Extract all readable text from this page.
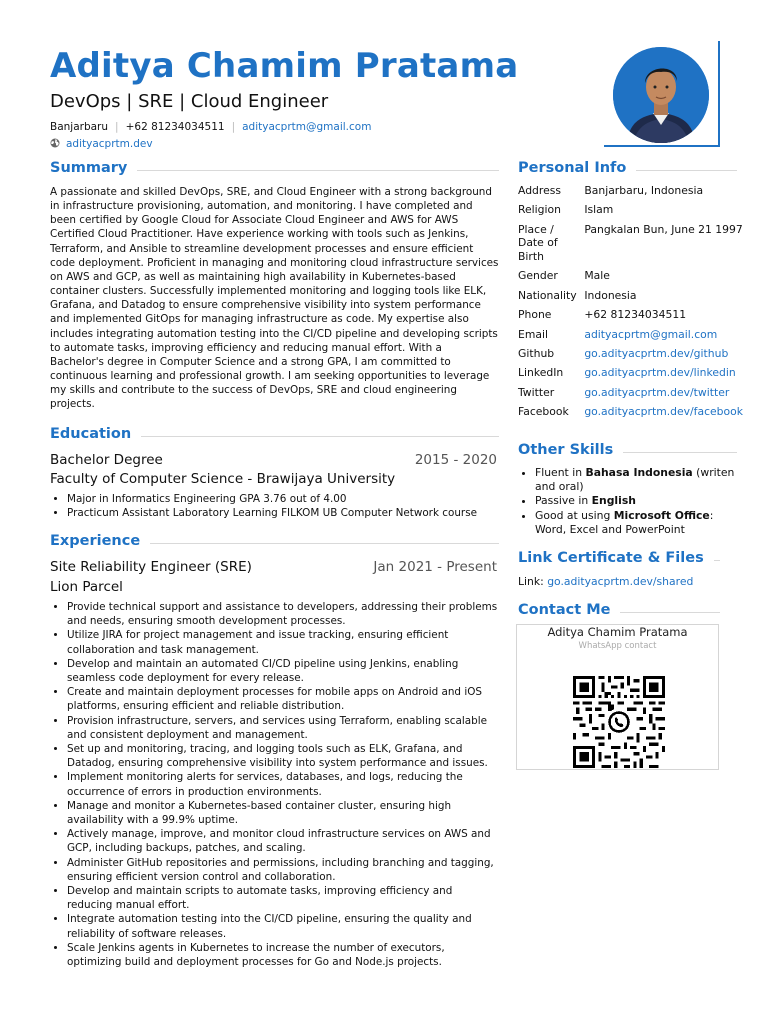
Aditya Chamim Pratama
DevOps | SRE | Cloud Engineer
Banjarbaru | +62 81234034511 | adityacprtm@gmail.com
adityacprtm.dev
Summary
A passionate and skilled DevOps, SRE, and Cloud Engineer with a strong background in infrastructure provisioning, automation, and monitoring. I have completed and been certified by Google Cloud for Associate Cloud Engineer and AWS for AWS Certified Cloud Practitioner. Have experience working with tools such as Jenkins, Terraform, and Ansible to streamline development processes and ensure efficient code deployment. Proficient in managing and monitoring cloud infrastructure services on AWS and GCP, as well as maintaining high availability in Kubernetes-based container clusters. Successfully implemented monitoring and logging tools like ELK, Grafana, and Datadog to ensure comprehensive visibility into system performance and implemented GitOps for managing infrastructure as code. My expertise also includes integrating automation testing into the CI/CD pipeline and developing scripts to automate tasks, improving efficiency and reducing manual effort. With a Bachelor's degree in Computer Science and a strong GPA, I am committed to continuous learning and professional growth. I am seeking opportunities to leverage my skills and contribute to the success of DevOps, SRE and cloud engineering projects.
Education
Bachelor Degree	2015 - 2020
Faculty of Computer Science - Brawijaya University
• Major in Informatics Engineering GPA 3.76 out of 4.00
• Practicum Assistant Laboratory Learning FILKOM UB Computer Network course
Experience
Site Reliability Engineer (SRE)	Jan 2021 - Present
Lion Parcel
• Provide technical support and assistance to developers, addressing their problems and needs, ensuring smooth development processes.
• Utilize JIRA for project management and issue tracking, ensuring efficient collaboration and task management.
• Develop and maintain an automated CI/CD pipeline using Jenkins, enabling seamless code deployment for every release.
• Create and maintain deployment processes for mobile apps on Android and iOS platforms, ensuring efficient and reliable distribution.
• Provision infrastructure, servers, and services using Terraform, enabling scalable and consistent deployment and management.
• Set up and monitoring, tracing, and logging tools such as ELK, Grafana, and Datadog, ensuring comprehensive visibility into system performance and issues.
• Implement monitoring alerts for services, databases, and logs, reducing the occurrence of errors in production environments.
• Manage and monitor a Kubernetes-based container cluster, ensuring high availability with a 99.9% uptime.
• Actively manage, improve, and monitor cloud infrastructure services on AWS and GCP, including backups, patches, and scaling.
• Administer GitHub repositories and permissions, including branching and tagging, ensuring efficient version control and collaboration.
• Develop and maintain scripts to automate tasks, improving efficiency and reducing manual effort.
• Integrate automation testing into the CI/CD pipeline, ensuring the quality and reliability of software releases.
• Scale Jenkins agents in Kubernetes to increase the number of executors, optimizing build and deployment processes for Go and Node.js projects.
Personal Info
Address	Banjarbaru, Indonesia
Religion	Islam
Place / Date of Birth	Pangkalan Bun, June 21 1997
Gender	Male
Nationality	Indonesia
Phone	+62 81234034511
Email	adityacprtm@gmail.com
Github	go.adityacprtm.dev/github
LinkedIn	go.adityacprtm.dev/linkedin
Twitter	go.adityacprtm.dev/twitter
Facebook	go.adityacprtm.dev/facebook
Other Skills
• Fluent in Bahasa Indonesia (writen and oral)
• Passive in English
• Good at using Microsoft Office: Word, Excel and PowerPoint
Link Certificate & Files
Link: go.adityacprtm.dev/shared
Contact Me
Aditya Chamim Pratama
WhatsApp contact
